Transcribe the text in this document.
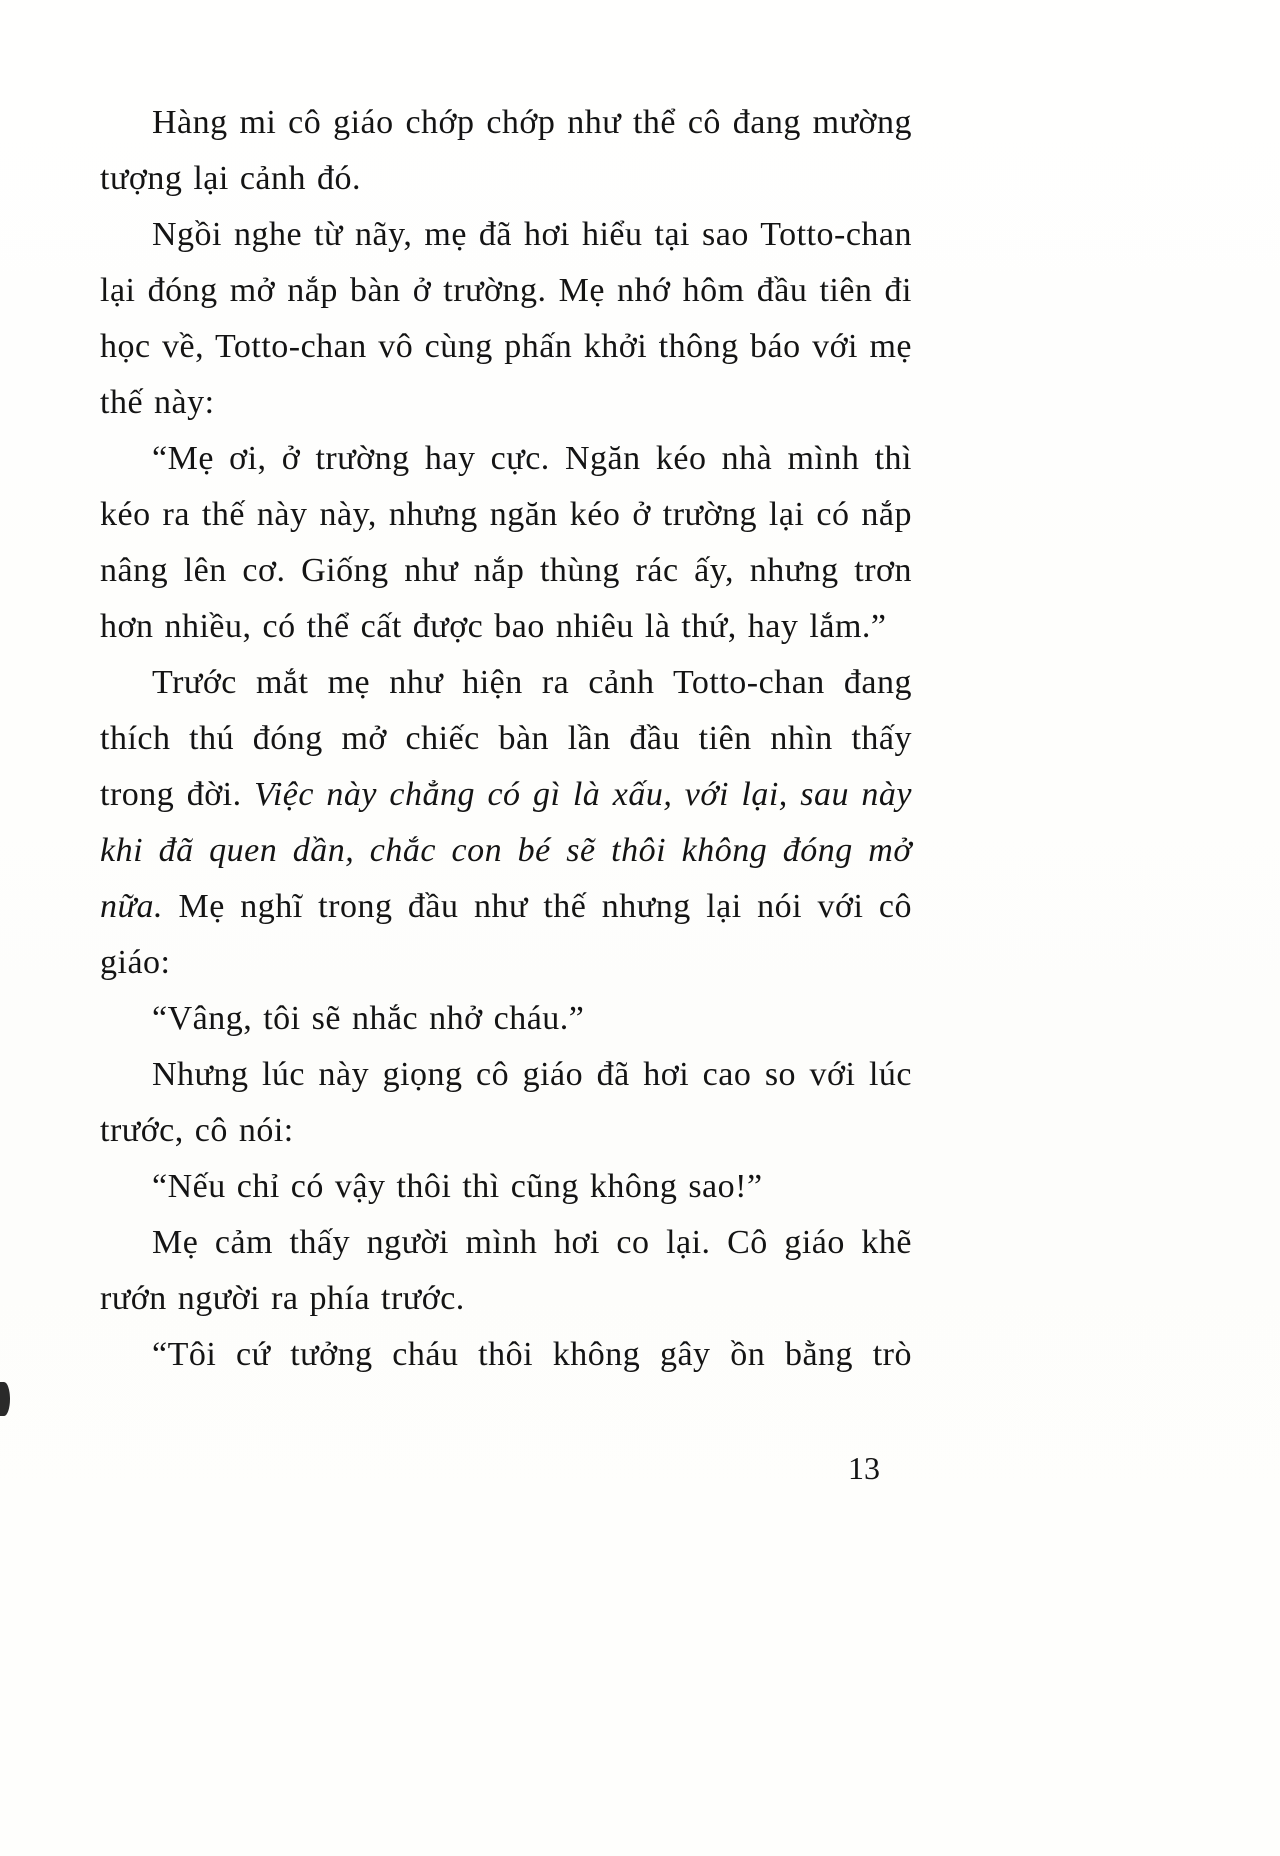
Hàng mi cô giáo chớp chớp như thể cô đang mường tượng lại cảnh đó.

Ngồi nghe từ nãy, mẹ đã hơi hiểu tại sao Totto-chan lại đóng mở nắp bàn ở trường. Mẹ nhớ hôm đầu tiên đi học về, Totto-chan vô cùng phấn khởi thông báo với mẹ thế này:

“Mẹ ơi, ở trường hay cực. Ngăn kéo nhà mình thì kéo ra thế này này, nhưng ngăn kéo ở trường lại có nắp nâng lên cơ. Giống như nắp thùng rác ấy, nhưng trơn hơn nhiều, có thể cất được bao nhiêu là thứ, hay lắm.”

Trước mắt mẹ như hiện ra cảnh Totto-chan đang thích thú đóng mở chiếc bàn lần đầu tiên nhìn thấy trong đời. Việc này chẳng có gì là xấu, với lại, sau này khi đã quen dần, chắc con bé sẽ thôi không đóng mở nữa. Mẹ nghĩ trong đầu như thế nhưng lại nói với cô giáo:

“Vâng, tôi sẽ nhắc nhở cháu.”

Nhưng lúc này giọng cô giáo đã hơi cao so với lúc trước, cô nói:

“Nếu chỉ có vậy thôi thì cũng không sao!”

Mẹ cảm thấy người mình hơi co lại. Cô giáo khẽ rướn người ra phía trước.

“Tôi cứ tưởng cháu thôi không gây ồn bằng trò

13
